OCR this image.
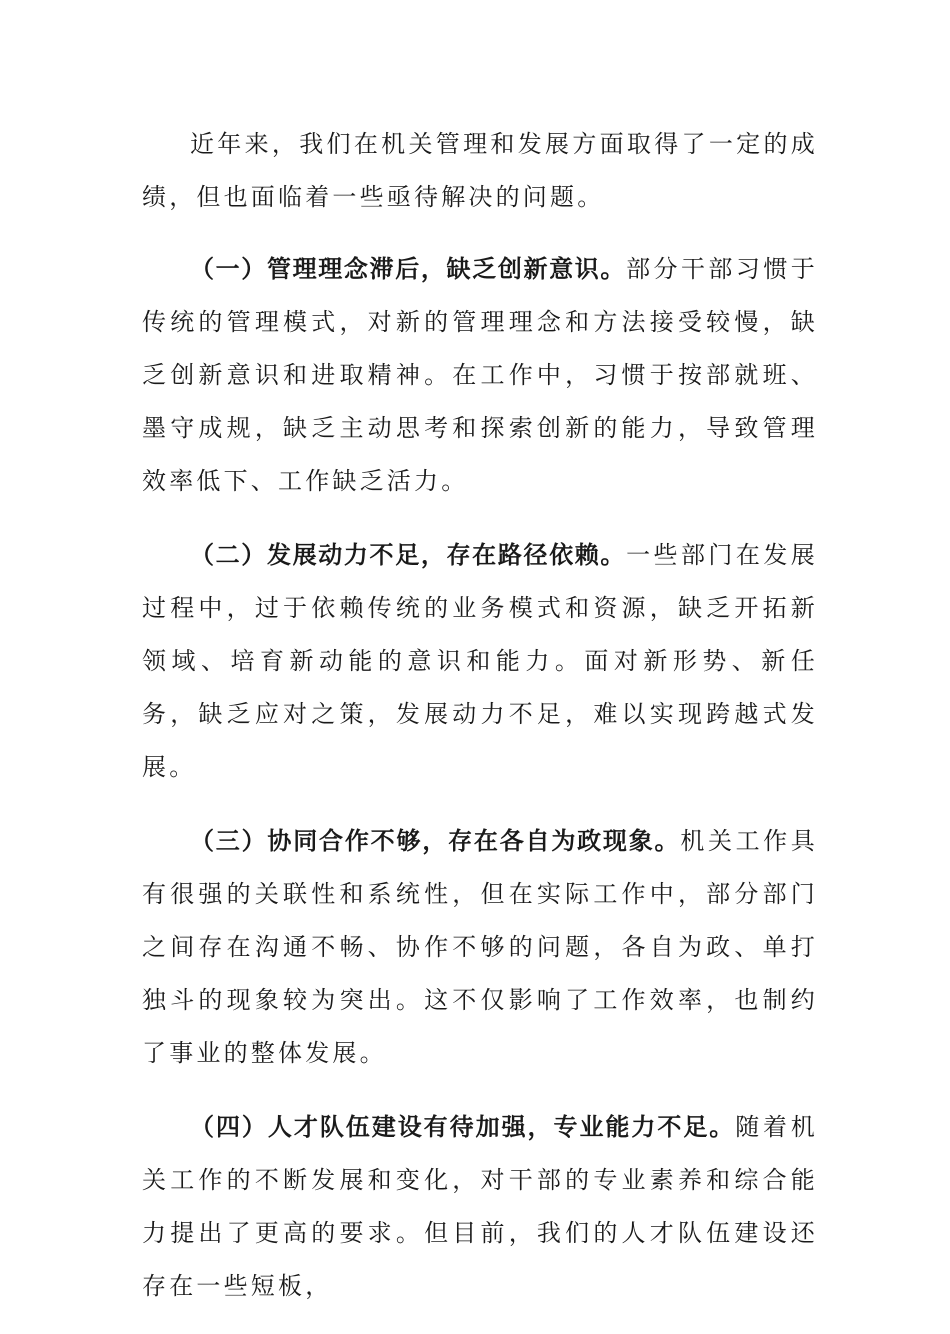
近年来，我们在机关管理和发展方面取得了一定的成绩，但也面临着一些亟待解决的问题。

（一）管理理念滞后，缺乏创新意识。部分干部习惯于传统的管理模式，对新的管理理念和方法接受较慢，缺乏创新意识和进取精神。在工作中，习惯于按部就班、墨守成规，缺乏主动思考和探索创新的能力，导致管理效率低下、工作缺乏活力。

（二）发展动力不足，存在路径依赖。一些部门在发展过程中，过于依赖传统的业务模式和资源，缺乏开拓新领域、培育新动能的意识和能力。面对新形势、新任务，缺乏应对之策，发展动力不足，难以实现跨越式发展。

（三）协同合作不够，存在各自为政现象。机关工作具有很强的关联性和系统性，但在实际工作中，部分部门之间存在沟通不畅、协作不够的问题，各自为政、单打独斗的现象较为突出。这不仅影响了工作效率，也制约了事业的整体发展。

（四）人才队伍建设有待加强，专业能力不足。随着机关工作的不断发展和变化，对干部的专业素养和综合能力提出了更高的要求。但目前，我们的人才队伍建设还存在一些短板，
